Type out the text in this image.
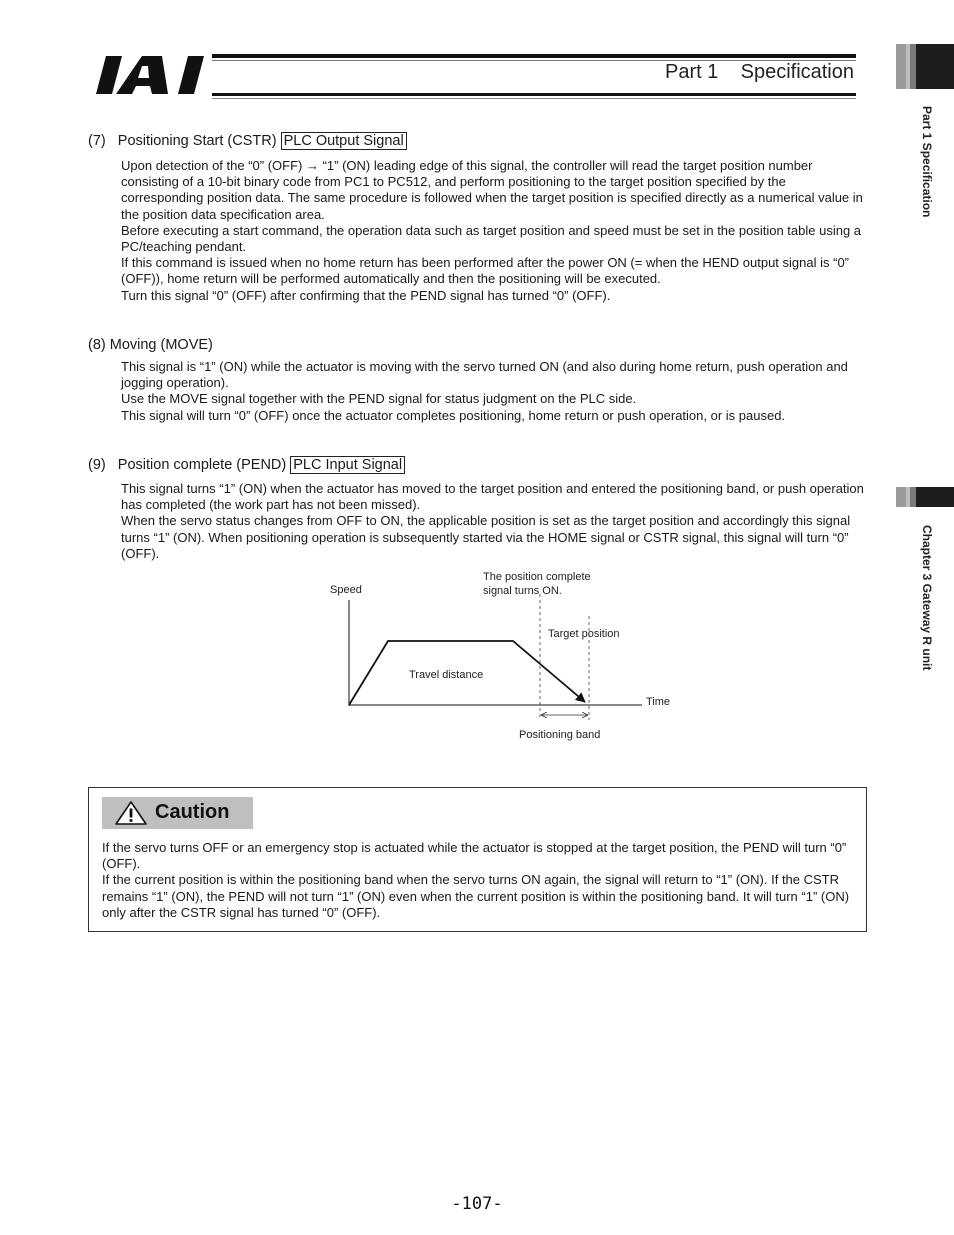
Part 1    Specification
Part 1 Specification
Chapter 3 Gateway R unit
(7)   Positioning Start (CSTR) PLC Output Signal

Upon detection of the “0” (OFF) → “1” (ON) leading edge of this signal, the controller will read the target position number consisting of a 10-bit binary code from PC1 to PC512, and perform positioning to the target position specified by the corresponding position data. The same procedure is followed when the target position is specified directly as a numerical value in the position data specification area.

Before executing a start command, the operation data such as target position and speed must be set in the position table using a PC/teaching pendant.

If this command is issued when no home return has been performed after the power ON (= when the HEND output signal is “0” (OFF)), home return will be performed automatically and then the positioning will be executed.

Turn this signal “0” (OFF) after confirming that the PEND signal has turned “0” (OFF).

(8) Moving (MOVE)

This signal is “1” (ON) while the actuator is moving with the servo turned ON (and also during home return, push operation and jogging operation).

Use the MOVE signal together with the PEND signal for status judgment on the PLC side.

This signal will turn “0” (OFF) once the actuator completes positioning, home return or push operation, or is paused.

(9)   Position complete (PEND) PLC Input Signal

This signal turns “1” (ON) when the actuator has moved to the target position and entered the positioning band, or push operation has completed (the work part has not been missed).

When the servo status changes from OFF to ON, the applicable position is set as the target position and accordingly this signal turns “1” (ON). When positioning operation is subsequently started via the HOME signal or CSTR signal, this signal will turn “0” (OFF).

Speed
The position complete
signal turns ON.
Target position
Travel distance
Time
Positioning band
Caution

If the servo turns OFF or an emergency stop is actuated while the actuator is stopped at the target position, the PEND will turn “0” (OFF).

If the current position is within the positioning band when the servo turns ON again, the signal will return to “1” (ON). If the CSTR remains “1” (ON), the PEND will not turn “1” (ON) even when the current position is within the positioning band. It will turn “1” (ON) only after the CSTR signal has turned “0” (OFF).

-107-
